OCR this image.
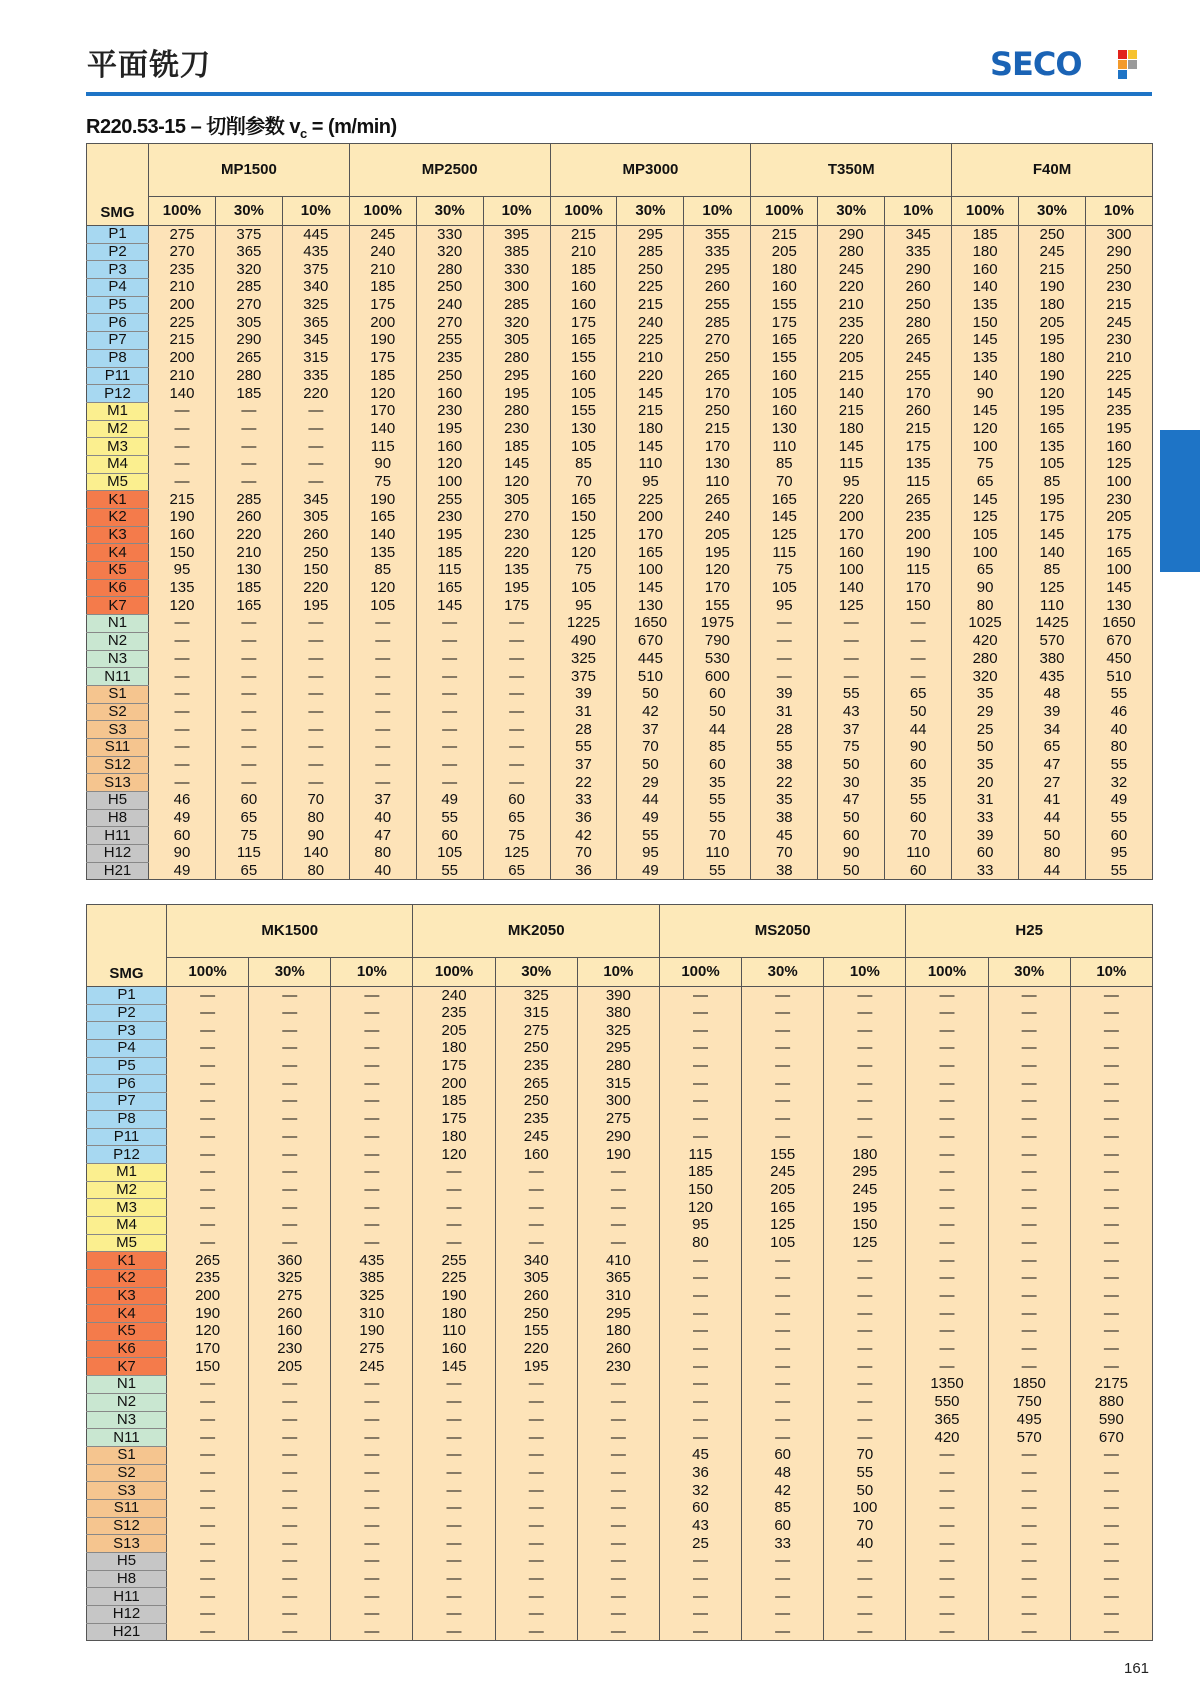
平面铣刀	SECO
R220.53-15 – 切削参数 $v_c = (m/\min)$
SMG	MP1500			MP2500			MP3000			T350M			F40M		
	100%	30%	10%	100%	30%	10%	100%	30%	10%	100%	30%	10%	100%	30%	10%
P1	275	375	445	245	330	395	215	295	355	215	290	345	185	250	300
P2	270	365	435	240	320	385	210	285	335	205	280	335	180	245	290
P3	235	320	375	210	280	330	185	250	295	180	245	290	160	215	250
P4	210	285	340	185	250	300	160	225	260	160	220	260	140	190	230
P5	200	270	325	175	240	285	160	215	255	155	210	250	135	180	215
P6	225	305	365	200	270	320	175	240	285	175	235	280	150	205	245
P7	215	290	345	190	255	305	165	225	270	165	220	265	145	195	230
P8	200	265	315	175	235	280	155	210	250	155	205	245	135	180	210
P11	210	280	335	185	250	295	160	220	265	160	215	255	140	190	225
P12	140	185	220	120	160	195	105	145	170	105	140	170	90	120	145
M1	—	—	—	170	230	280	155	215	250	160	215	260	145	195	235
M2	—	—	—	140	195	230	130	180	215	130	180	215	120	165	195
M3	—	—	—	115	160	185	105	145	170	110	145	175	100	135	160
M4	—	—	—	90	120	145	85	110	130	85	115	135	75	105	125
M5	—	—	—	75	100	120	70	95	110	70	95	115	65	85	100
K1	215	285	345	190	255	305	165	225	265	165	220	265	145	195	230
K2	190	260	305	165	230	270	150	200	240	145	200	235	125	175	205
K3	160	220	260	140	195	230	125	170	205	125	170	200	105	145	175
K4	150	210	250	135	185	220	120	165	195	115	160	190	100	140	165
K5	95	130	150	85	115	135	75	100	120	75	100	115	65	85	100
K6	135	185	220	120	165	195	105	145	170	105	140	170	90	125	145
K7	120	165	195	105	145	175	95	130	155	95	125	150	80	110	130
N1	—	—	—	—	—	—	1225	1650	1975	—	—	—	1025	1425	1650
N2	—	—	—	—	—	—	490	670	790	—	—	—	420	570	670
N3	—	—	—	—	—	—	325	445	530	—	—	—	280	380	450
N11	—	—	—	—	—	—	375	510	600	—	—	—	320	435	510
S1	—	—	—	—	—	—	39	50	60	39	55	65	35	48	55
S2	—	—	—	—	—	—	31	42	50	31	43	50	29	39	46
S3	—	—	—	—	—	—	28	37	44	28	37	44	25	34	40
S11	—	—	—	—	—	—	55	70	85	55	75	90	50	65	80
S12	—	—	—	—	—	—	37	50	60	38	50	60	35	47	55
S13	—	—	—	—	—	—	22	29	35	22	30	35	20	27	32
H5	46	60	70	37	49	60	33	44	55	35	47	55	31	41	49
H8	49	65	80	40	55	65	36	49	55	38	50	60	33	44	55
H11	60	75	90	47	60	75	42	55	70	45	60	70	39	50	60
H12	90	115	140	80	105	125	70	95	110	70	90	110	60	80	95
H21	49	65	80	40	55	65	36	49	55	38	50	60	33	44	55
SMG	MK1500			MK2050			MS2050			H25		
	100%	30%	10%	100%	30%	10%	100%	30%	10%	100%	30%	10%
P1	—	—	—	240	325	390	—	—	—	—	—	—
P2	—	—	—	235	315	380	—	—	—	—	—	—
P3	—	—	—	205	275	325	—	—	—	—	—	—
P4	—	—	—	180	250	295	—	—	—	—	—	—
P5	—	—	—	175	235	280	—	—	—	—	—	—
P6	—	—	—	200	265	315	—	—	—	—	—	—
P7	—	—	—	185	250	300	—	—	—	—	—	—
P8	—	—	—	175	235	275	—	—	—	—	—	—
P11	—	—	—	180	245	290	—	—	—	—	—	—
P12	—	—	—	120	160	190	115	155	180	—	—	—
M1	—	—	—	—	—	—	185	245	295	—	—	—
M2	—	—	—	—	—	—	150	205	245	—	—	—
M3	—	—	—	—	—	—	120	165	195	—	—	—
M4	—	—	—	—	—	—	95	125	150	—	—	—
M5	—	—	—	—	—	—	80	105	125	—	—	—
K1	265	360	435	255	340	410	—	—	—	—	—	—
K2	235	325	385	225	305	365	—	—	—	—	—	—
K3	200	275	325	190	260	310	—	—	—	—	—	—
K4	190	260	310	180	250	295	—	—	—	—	—	—
K5	120	160	190	110	155	180	—	—	—	—	—	—
K6	170	230	275	160	220	260	—	—	—	—	—	—
K7	150	205	245	145	195	230	—	—	—	—	—	—
N1	—	—	—	—	—	—	—	—	—	1350	1850	2175
N2	—	—	—	—	—	—	—	—	—	550	750	880
N3	—	—	—	—	—	—	—	—	—	365	495	590
N11	—	—	—	—	—	—	—	—	—	420	570	670
S1	—	—	—	—	—	—	45	60	70	—	—	—
S2	—	—	—	—	—	—	36	48	55	—	—	—
S3	—	—	—	—	—	—	32	42	50	—	—	—
S11	—	—	—	—	—	—	60	85	100	—	—	—
S12	—	—	—	—	—	—	43	60	70	—	—	—
S13	—	—	—	—	—	—	25	33	40	—	—	—
H5	—	—	—	—	—	—	—	—	—	—	—	—
H8	—	—	—	—	—	—	—	—	—	—	—	—
H11	—	—	—	—	—	—	—	—	—	—	—	—
H12	—	—	—	—	—	—	—	—	—	—	—	—
H21	—	—	—	—	—	—	—	—	—	—	—	—
161
